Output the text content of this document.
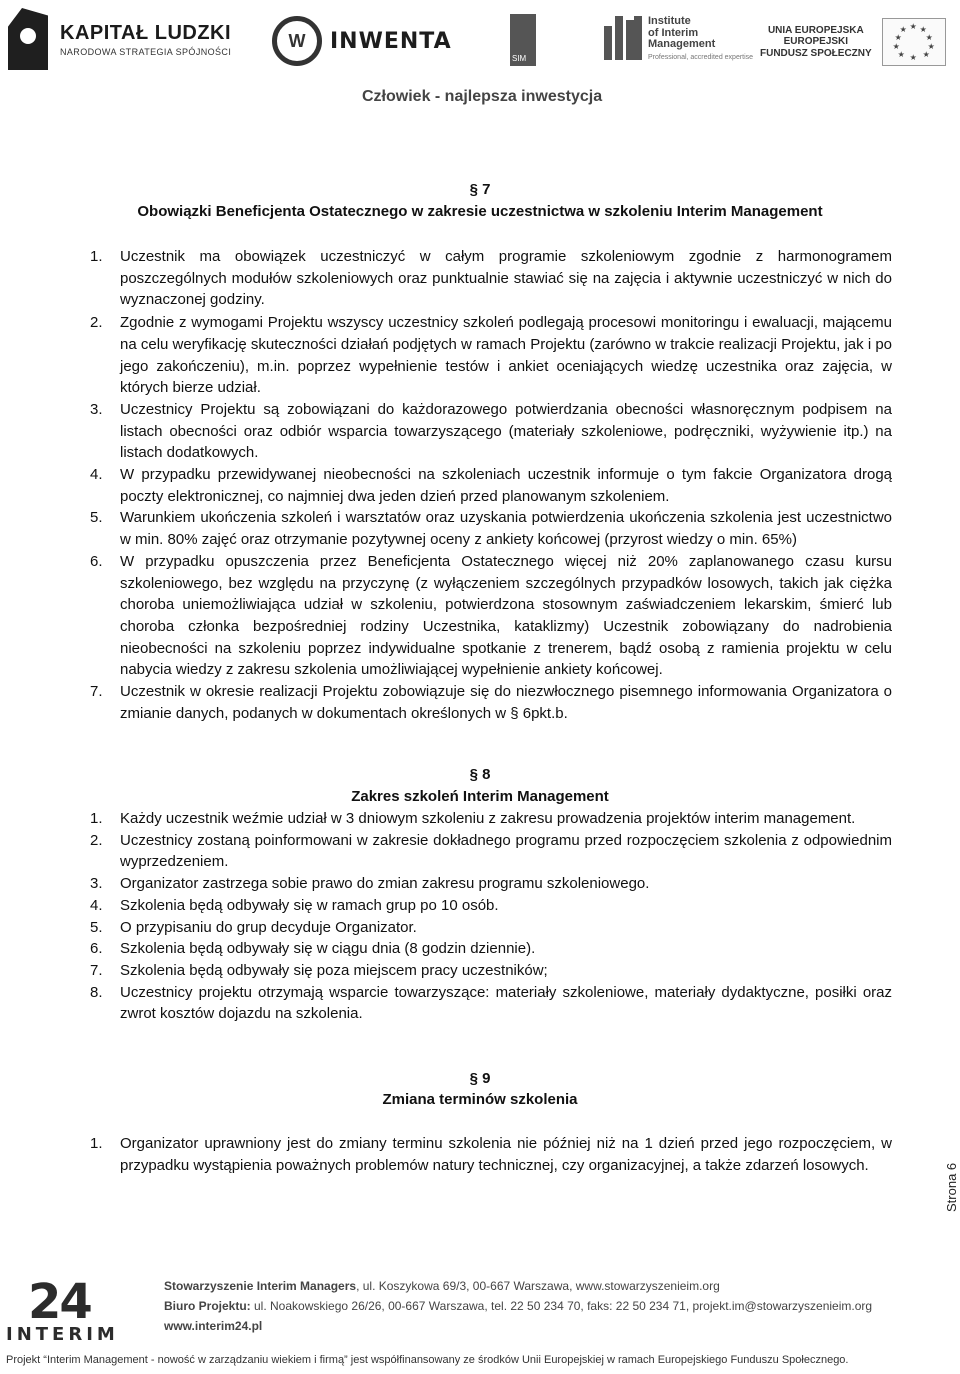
KAPITAŁ LUDZKI
NARODOWA STRATEGIA SPÓJNOŚCI
W	INWENTA
SIM
Institute
of Interim
Management
Professional, accredited expertise
UNIA EUROPEJSKA
EUROPEJSKI
FUNDUSZ SPOŁECZNY
★ ★
★
★
★
★
★
★
★
★
Człowiek - najlepsza inwestycja
§ 7
Obowiązki Beneficjenta Ostatecznego w zakresie uczestnictwa w szkoleniu Interim Management
1.	Uczestnik ma obowiązek uczestniczyć w całym programie szkoleniowym zgodnie z harmonogramem poszczególnych modułów szkoleniowych oraz punktualnie stawiać się na zajęcia i aktywnie uczestniczyć w nich do wyznaczonej godziny.
2.	Zgodnie z wymogami Projektu wszyscy uczestnicy szkoleń podlegają procesowi monitoringu i ewaluacji, mającemu na celu weryfikację skuteczności działań podjętych w ramach Projektu (zarówno w trakcie realizacji Projektu, jak i po jego zakończeniu), m.in. poprzez wypełnienie testów i ankiet oceniających wiedzę uczestnika oraz zajęcia, w których bierze udział.
3.	Uczestnicy Projektu są zobowiązani do każdorazowego potwierdzania obecności własnoręcznym podpisem na listach obecności oraz odbiór wsparcia towarzyszącego (materiały szkoleniowe, podręczniki, wyżywienie itp.) na listach dodatkowych.
4.	W przypadku przewidywanej nieobecności na szkoleniach uczestnik informuje o tym fakcie Organizatora drogą poczty elektronicznej, co najmniej dwa jeden dzień przed planowanym szkoleniem.
5.	Warunkiem ukończenia szkoleń i warsztatów oraz uzyskania potwierdzenia ukończenia szkolenia jest uczestnictwo w min. 80% zajęć oraz otrzymanie pozytywnej oceny z ankiety końcowej (przyrost wiedzy o min. 65%)
6.	W przypadku opuszczenia przez Beneficjenta Ostatecznego więcej niż 20% zaplanowanego czasu kursu szkoleniowego, bez względu na przyczynę (z wyłączeniem szczególnych przypadków losowych, takich jak ciężka choroba uniemożliwiająca udział w szkoleniu, potwierdzona stosownym zaświadczeniem lekarskim, śmierć lub choroba członka bezpośredniej rodziny Uczestnika, kataklizmy) Uczestnik zobowiązany do nadrobienia nieobecności na szkoleniu poprzez indywidualne spotkanie z trenerem, bądź osobą z ramienia projektu w celu nabycia wiedzy z zakresu szkolenia umożliwiającej wypełnienie ankiety końcowej.
7.	Uczestnik w okresie realizacji Projektu zobowiązuje się do niezwłocznego pisemnego informowania Organizatora o zmianie danych, podanych w dokumentach określonych w § 6pkt.b.
§ 8
Zakres szkoleń Interim Management
1.	Każdy uczestnik weźmie udział w 3 dniowym szkoleniu z zakresu prowadzenia projektów interim management.
2.	Uczestnicy zostaną poinformowani w zakresie dokładnego programu przed rozpoczęciem szkolenia z odpowiednim wyprzedzeniem.
3.	Organizator zastrzega sobie prawo do zmian zakresu programu szkoleniowego.
4.	Szkolenia będą odbywały się w ramach grup po 10 osób.
5.	O przypisaniu do grup decyduje Organizator.
6.	Szkolenia będą odbywały się w ciągu dnia (8 godzin dziennie).
7.	Szkolenia będą odbywały się poza miejscem pracy uczestników;
8.	Uczestnicy projektu otrzymają wsparcie towarzyszące: materiały szkoleniowe, materiały dydaktyczne, posiłki oraz zwrot kosztów dojazdu na szkolenia.
§ 9
Zmiana terminów szkolenia
1.	Organizator uprawniony jest do zmiany terminu szkolenia nie później niż na 1 dzień przed jego rozpoczęciem, w przypadku wystąpienia poważnych problemów natury technicznej, czy organizacyjnej, a także zdarzeń losowych.	Strona 6
24
INTERIM
Stowarzyszenie Interim Managers, ul. Koszykowa 69/3, 00-667 Warszawa, www.stowarzyszenieim.org
Biuro Projektu: ul. Noakowskiego 26/26, 00-667 Warszawa, tel. 22 50 234 70, faks: 22 50 234 71, projekt.im@stowarzyszenieim.org
www.interim24.pl
Projekt “Interim Management - nowość w zarządzaniu wiekiem i firmą” jest współfinansowany ze środków Unii Europejskiej w ramach Europejskiego Funduszu Społecznego.
